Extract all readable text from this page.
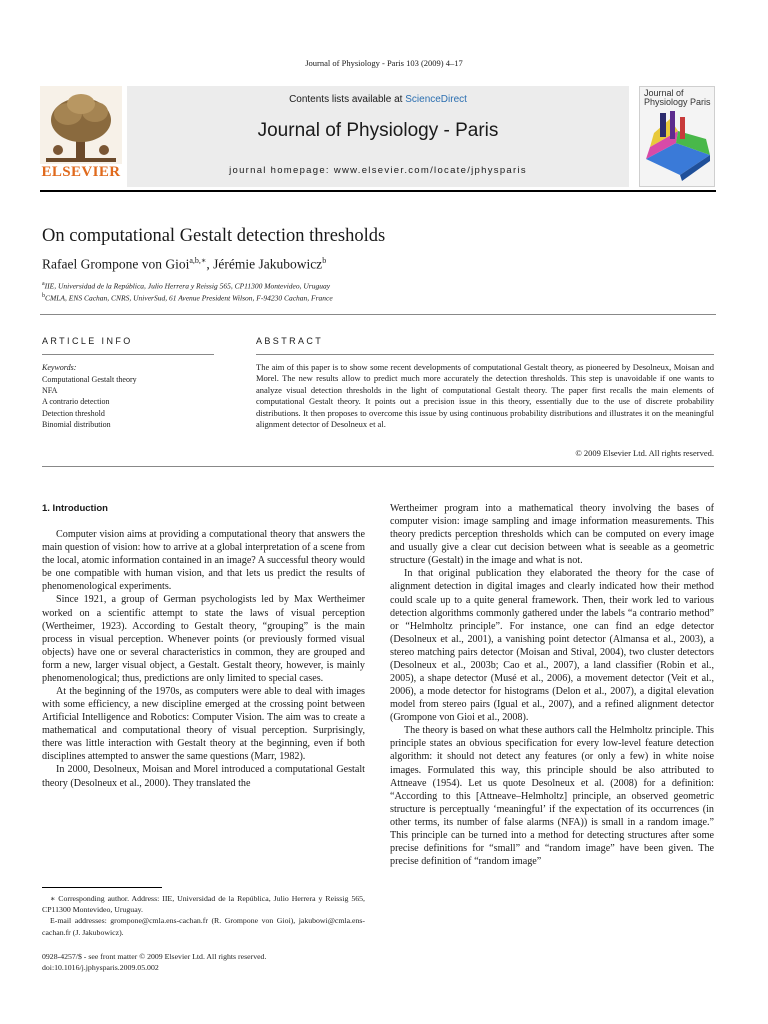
Journal of Physiology - Paris 103 (2009) 4–17
ELSEVIER
Contents lists available at ScienceDirect
Journal of Physiology - Paris
journal homepage: www.elsevier.com/locate/jphysparis
Journal of
Physiology Paris
On computational Gestalt detection thresholds
Rafael Grompone von Gioi$^{a,b,∗}$, Jérémie Jakubowicz$^b$
$^a$IIE, Universidad de la República, Julio Herrera y Reissig 565, CP11300 Montevideo, Uruguay
$^b$CMLA, ENS Cachan, CNRS, UniverSud, 61 Avenue President Wilson, F-94230 Cachan, France
ARTICLE INFO	ABSTRACT
Keywords:
Computational Gestalt theory
NFA
A contrario detection
Detection threshold
Binomial distribution
The aim of this paper is to show some recent developments of computational Gestalt theory, as pioneered by Desolneux, Moisan and Morel. The new results allow to predict much more accurately the detection thresholds. This step is unavoidable if one wants to analyze visual detection thresholds in the light of computational Gestalt theory. The paper first recalls the main elements of computational Gestalt theory. It points out a precision issue in this theory, essentially due to the use of discrete probability distributions. It then proposes to overcome this issue by using continuous probability distributions and illustrates it on the meaningful alignment detector of Desolneux et al.
© 2009 Elsevier Ltd. All rights reserved.

1. Introduction

Computer vision aims at providing a computational theory that answers the main question of vision: how to arrive at a global interpretation of a scene from the local, atomic information contained in an image? A successful theory would be one compatible with human vision, and that lets us predict the results of phenomenological experiments.

Since 1921, a group of German psychologists led by Max Wertheimer worked on a scientific attempt to state the laws of visual perception (Wertheimer, 1923). According to Gestalt theory, “grouping” is the main process in visual perception. Whenever points (or previously formed visual objects) have one or several characteristics in common, they are grouped and form a new, larger visual object, a Gestalt. Gestalt theory, however, is mainly phenomenological; thus, predictions are only limited to special cases.

At the beginning of the 1970s, as computers were able to deal with images with some efficiency, a new discipline emerged at the crossing point between Artificial Intelligence and Robotics: Computer Vision. The aim was to create a mathematical and computational theory of visual perception. Surprisingly, there was little interaction with Gestalt theory at the beginning, even if both disciplines attempted to answer the same questions (Marr, 1982).

In 2000, Desolneux, Moisan and Morel introduced a computational Gestalt theory (Desolneux et al., 2000). They translated the

Wertheimer program into a mathematical theory involving the bases of computer vision: image sampling and image information measurements. This theory predicts perception thresholds which can be computed on every image and usually give a clear cut decision between what is seeable as a geometric structure (Gestalt) in the image and what is not.

In that original publication they elaborated the theory for the case of alignment detection in digital images and clearly indicated how their method could scale up to a quite general framework. Then, their work led to various detection algorithms commonly gathered under the labels “a contrario method” or “Helmholtz principle”. For instance, one can find an edge detector (Desolneux et al., 2001), a vanishing point detector (Almansa et al., 2003), a stereo matching pairs detector (Moisan and Stival, 2004), two cluster detectors (Desolneux et al., 2003b; Cao et al., 2007), a land classifier (Robin et al., 2005), a shape detector (Musé et al., 2006), a movement detector (Veit et al., 2006), a mode detector for histograms (Delon et al., 2007), a digital elevation model from stereo pairs (Igual et al., 2007), and a refined alignment detector (Grompone von Gioi et al., 2008).

The theory is based on what these authors call the Helmholtz principle. This principle states an obvious specification for every low-level feature detection algorithm: it should not detect any features (or only a few) in white noise images. Formulated this way, this principle should be also attributed to Attneave (1954). Let us quote Desolneux et al. (2008) for a definition: “According to this [Attneave–Helmholtz] principle, an observed geometric structure is perceptually ‘meaningful’ if the expectation of its occurrences (in other terms, its number of false alarms (NFA)) is small in a random image.” This principle can be turned into a method for detecting structures after some precise definitions for “small” and “random image” have been given. The precise definition of “random image”

∗ Corresponding author. Address: IIE, Universidad de la República, Julio Herrera y Reissig 565, CP11300 Montevideo, Uruguay.

E-mail addresses: grompone@cmla.ens-cachan.fr (R. Grompone von Gioi), jakubowi@cmla.ens-cachan.fr (J. Jakubowicz).

0928-4257/$ - see front matter © 2009 Elsevier Ltd. All rights reserved.
doi:10.1016/j.jphysparis.2009.05.002
